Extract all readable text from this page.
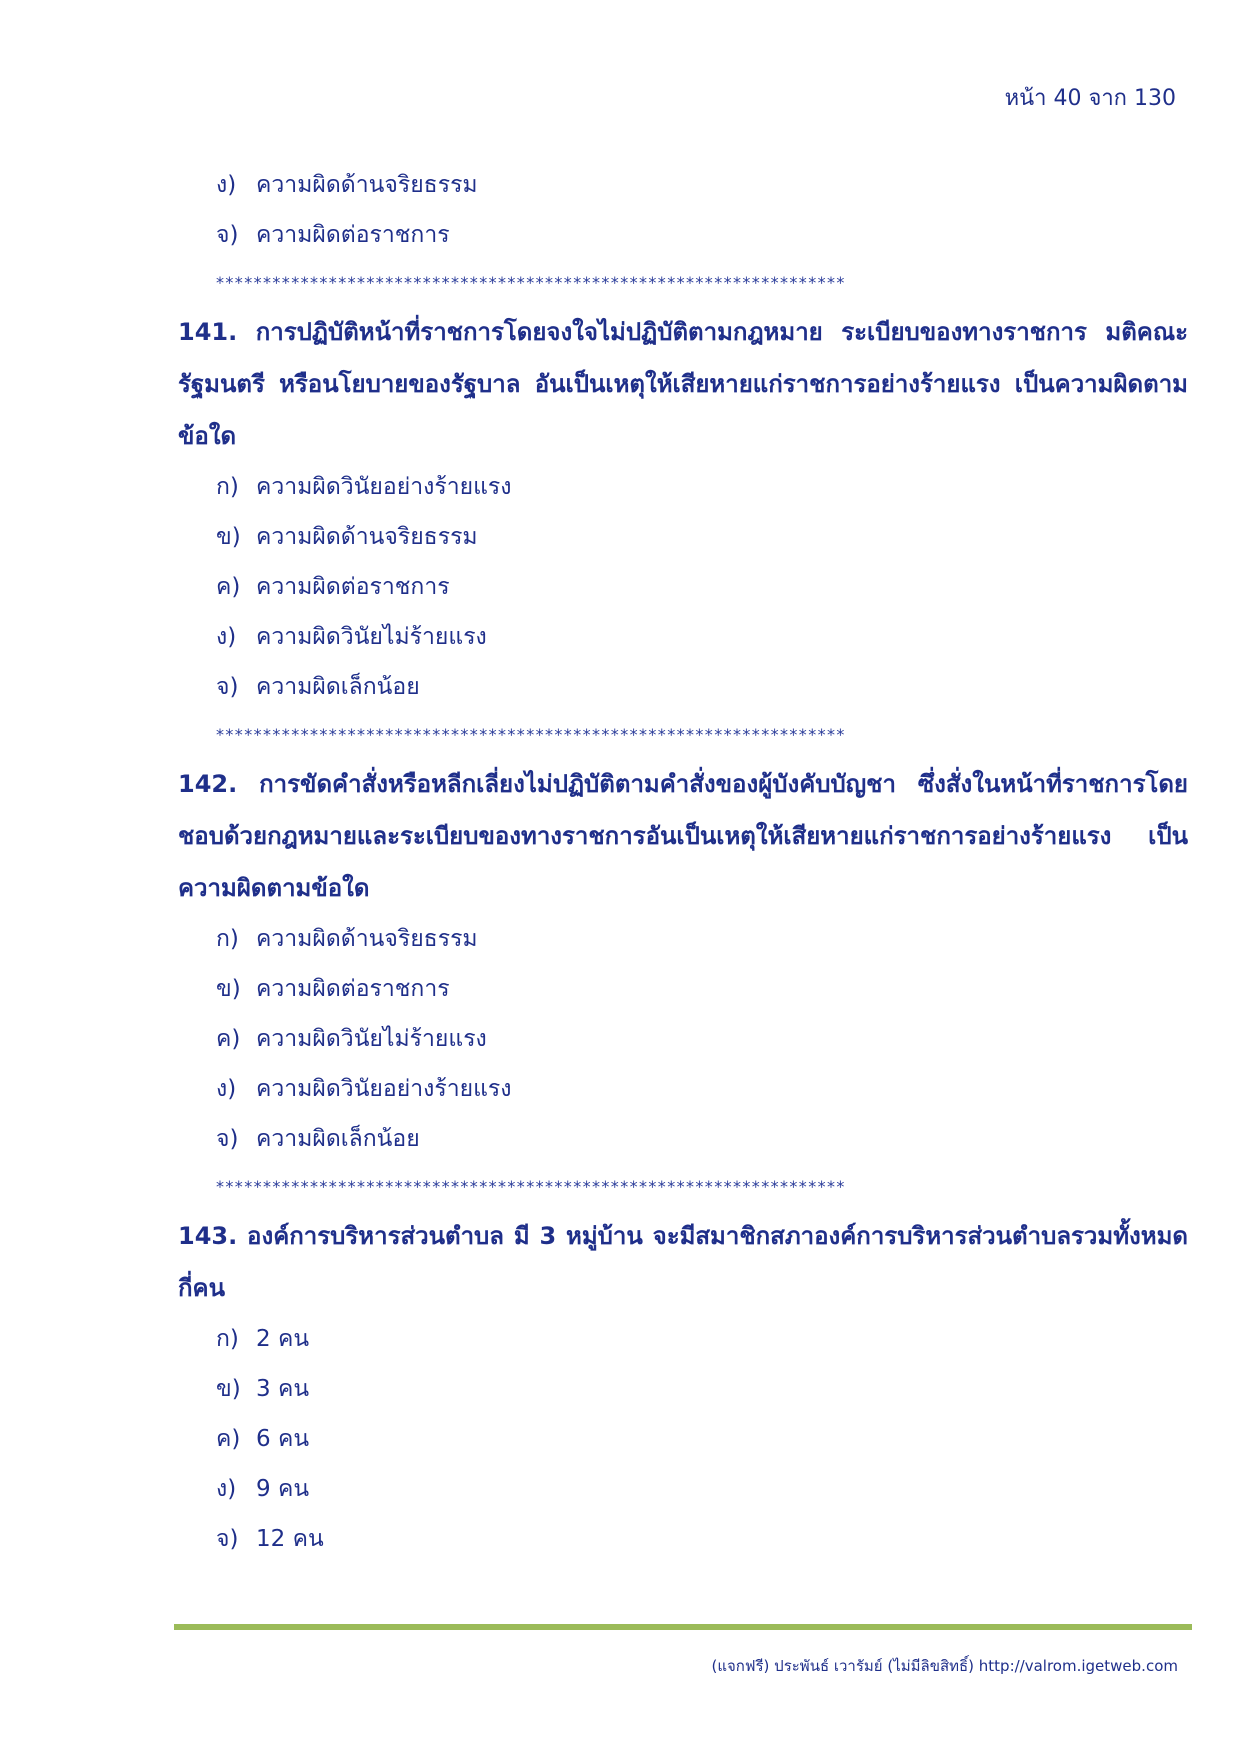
หน้า 40 จาก 130
ง) ความผิดด้านจริยธรรม
จ) ความผิดต่อราชการ
*******************************************************************

141. การปฏิบัติหน้าที่ราชการโดยจงใจไม่ปฏิบัติตามกฎหมาย ระเบียบของทางราชการ มติคณะรัฐมนตรี หรือนโยบายของรัฐบาล อันเป็นเหตุให้เสียหายแก่ราชการอย่างร้ายแรง เป็นความผิดตามข้อใด

ก) ความผิดวินัยอย่างร้ายแรง
ข) ความผิดด้านจริยธรรม
ค) ความผิดต่อราชการ
ง) ความผิดวินัยไม่ร้ายแรง
จ) ความผิดเล็กน้อย
*******************************************************************

142. การขัดคำสั่งหรือหลีกเลี่ยงไม่ปฏิบัติตามคำสั่งของผู้บังคับบัญชา ซึ่งสั่งในหน้าที่ราชการโดยชอบด้วยกฎหมายและระเบียบของทางราชการอันเป็นเหตุให้เสียหายแก่ราชการอย่างร้ายแรง เป็นความผิดตามข้อใด

ก) ความผิดด้านจริยธรรม
ข) ความผิดต่อราชการ
ค) ความผิดวินัยไม่ร้ายแรง
ง) ความผิดวินัยอย่างร้ายแรง
จ) ความผิดเล็กน้อย
*******************************************************************

143. องค์การบริหารส่วนตำบล มี 3 หมู่บ้าน จะมีสมาชิกสภาองค์การบริหารส่วนตำบลรวมทั้งหมดกี่คน

ก) 2 คน
ข) 3 คน
ค) 6 คน
ง) 9 คน
จ) 12 คน
(แจกฟรี) ประพันธ์ เวารัมย์ (ไม่มีลิขสิทธิ์) http://valrom.igetweb.com
